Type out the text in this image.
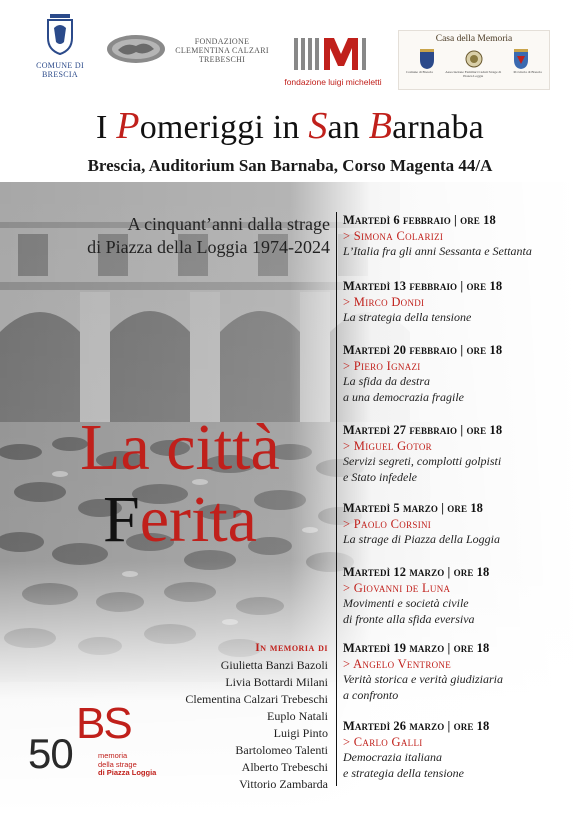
COMUNE DI BRESCIA
FONDAZIONE
CLEMENTINA CALZARI
TREBESCHI
fondazione luigi micheletti
Casa della Memoria
Comune di Brescia	Associazione Familiari Caduti Strage di Piazza Loggia
Provincia di Brescia
I Pomeriggi in San Barnaba
Brescia, Auditorium San Barnaba, Corso Magenta 44/A
A cinquant’anni dalla strage
di Piazza della Loggia 1974-2024
La città
Ferita
In memoria di
Giulietta Banzi Bazoli
Livia Bottardi Milani
Clementina Calzari Trebeschi
Euplo Natali
Luigi Pinto
Bartolomeo Talenti
Alberto Trebeschi
Vittorio Zambarda
BS
50	memoria
della strage
di Piazza Loggia
Martedì 6 febbraio | ore 18
> Simona Colarizi
L’Italia fra gli anni Sessanta e Settanta
Martedì 13 febbraio | ore 18
> Mirco Dondi
La strategia della tensione
Martedì 20 febbraio | ore 18
> Piero Ignazi
La sfida da destra
a una democrazia fragile
Martedì 27 febbraio | ore 18
> Miguel Gotor
Servizi segreti, complotti golpisti
e Stato infedele
Martedì 5 marzo | ore 18
> Paolo Corsini
La strage di Piazza della Loggia
Martedì 12 marzo | ore 18
> Giovanni de Luna
Movimenti e società civile
di fronte alla sfida eversiva
Martedì 19 marzo | ore 18
> Angelo Ventrone
Verità storica e verità giudiziaria
a confronto
Martedì 26 marzo | ore 18
> Carlo Galli
Democrazia italiana
e strategia della tensione
